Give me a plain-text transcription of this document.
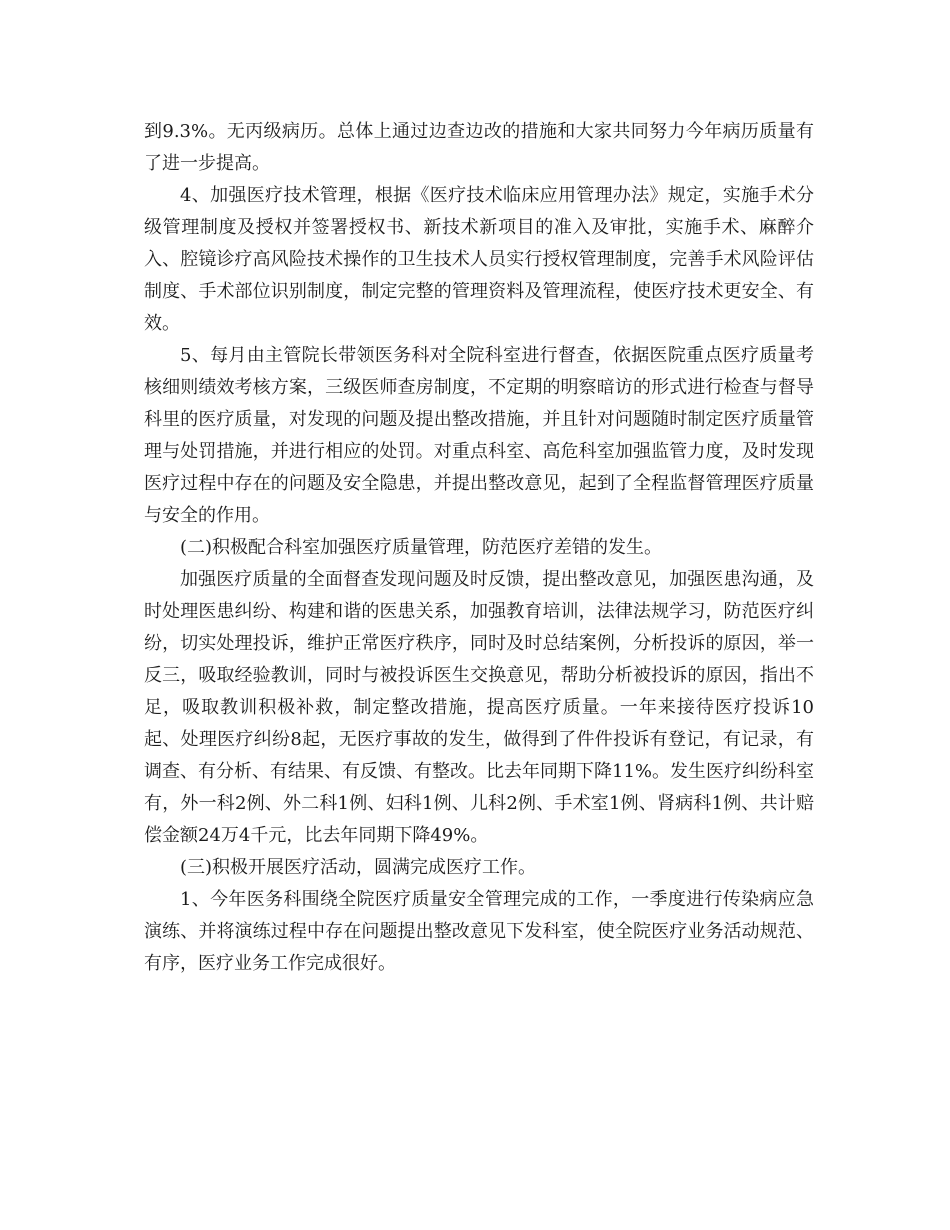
到9.3%。无丙级病历。总体上通过边查边改的措施和大家共同努力今年病历质量有了进一步提高。

4、加强医疗技术管理，根据《医疗技术临床应用管理办法》规定，实施手术分级管理制度及授权并签署授权书、新技术新项目的准入及审批，实施手术、麻醉介入、腔镜诊疗高风险技术操作的卫生技术人员实行授权管理制度，完善手术风险评估制度、手术部位识别制度，制定完整的管理资料及管理流程，使医疗技术更安全、有效。

5、每月由主管院长带领医务科对全院科室进行督查，依据医院重点医疗质量考核细则绩效考核方案，三级医师查房制度，不定期的明察暗访的形式进行检查与督导科里的医疗质量，对发现的问题及提出整改措施，并且针对问题随时制定医疗质量管理与处罚措施，并进行相应的处罚。对重点科室、高危科室加强监管力度，及时发现医疗过程中存在的问题及安全隐患，并提出整改意见，起到了全程监督管理医疗质量与安全的作用。

(二)积极配合科室加强医疗质量管理，防范医疗差错的发生。

加强医疗质量的全面督查发现问题及时反馈，提出整改意见，加强医患沟通，及时处理医患纠纷、构建和谐的医患关系，加强教育培训，法律法规学习，防范医疗纠纷，切实处理投诉，维护正常医疗秩序，同时及时总结案例，分析投诉的原因，举一反三，吸取经验教训，同时与被投诉医生交换意见，帮助分析被投诉的原因，指出不足，吸取教训积极补救，制定整改措施，提高医疗质量。一年来接待医疗投诉10起、处理医疗纠纷8起，无医疗事故的发生，做得到了件件投诉有登记，有记录，有调查、有分析、有结果、有反馈、有整改。比去年同期下降11%。发生医疗纠纷科室有，外一科2例、外二科1例、妇科1例、儿科2例、手术室1例、肾病科1例、共计赔偿金额24万4千元，比去年同期下降49%。

(三)积极开展医疗活动，圆满完成医疗工作。

1、今年医务科围绕全院医疗质量安全管理完成的工作，一季度进行传染病应急演练、并将演练过程中存在问题提出整改意见下发科室，使全院医疗业务活动规范、有序，医疗业务工作完成很好。
